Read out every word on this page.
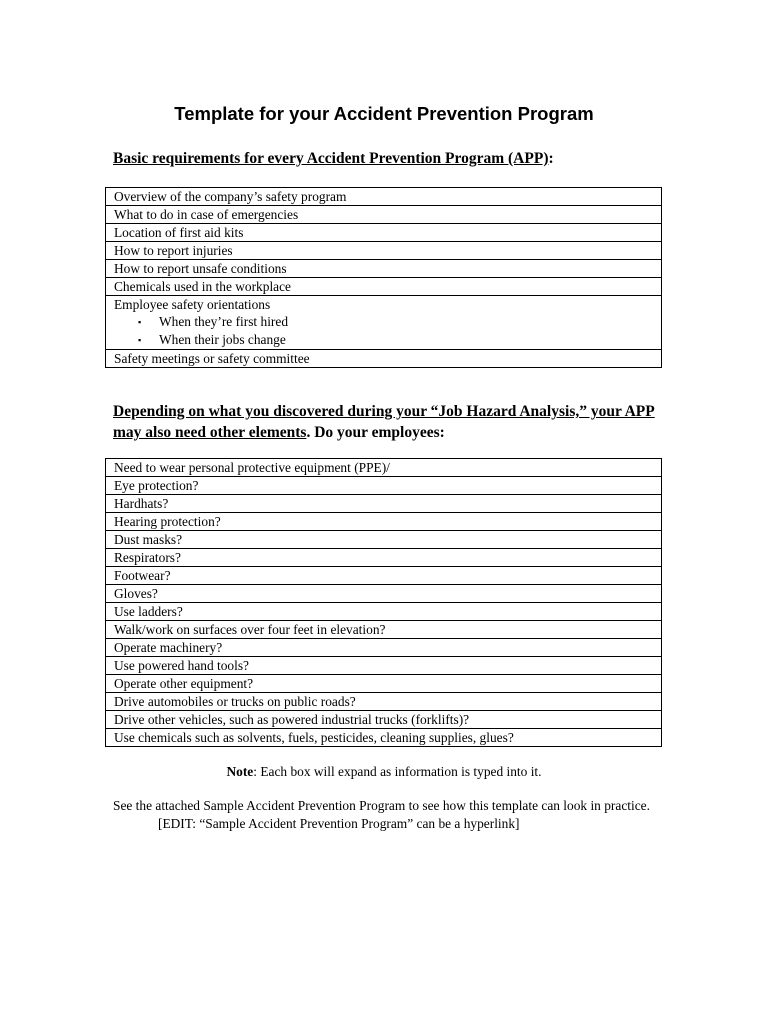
Template for your Accident Prevention Program
Basic requirements for every Accident Prevention Program (APP):
Overview of the company’s safety program
What to do in case of emergencies
Location of first aid kits
How to report injuries
How to report unsafe conditions
Chemicals used in the workplace

Employee safety orientations
▪ When they’re first hired
▪ When their jobs change

Safety meetings or safety committee
Depending on what you discovered during your “Job Hazard Analysis,” your APP may also need other elements. Do your employees:
Need to wear personal protective equipment (PPE)/

Eye protection?
Hardhats?
Hearing protection?
Dust masks?
Respirators?
Footwear?
Gloves?
Use ladders?
Walk/work on surfaces over four feet in elevation?
Operate machinery?
Use powered hand tools?
Operate other equipment?
Drive automobiles or trucks on public roads?
Drive other vehicles, such as powered industrial trucks (forklifts)?
Use chemicals such as solvents, fuels, pesticides, cleaning supplies, glues?
Note: Each box will expand as information is typed into it.
See the attached Sample Accident Prevention Program to see how this template can look in practice.
[EDIT: “Sample Accident Prevention Program” can be a hyperlink]
